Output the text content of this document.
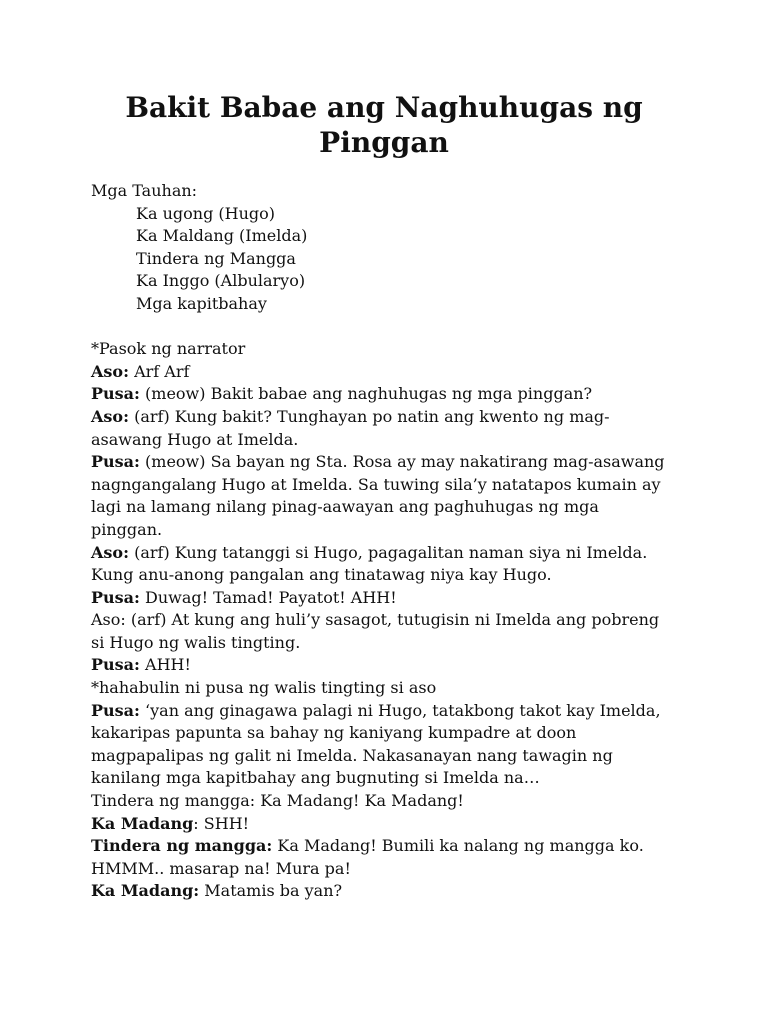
Bakit Babae ang Naghuhugas ng Pinggan
Mga Tauhan:
Ka ugong (Hugo)
Ka Maldang (Imelda)
Tindera ng Mangga
Ka Inggo (Albularyo)
Mga kapitbahay
*Pasok ng narrator
Aso: Arf Arf
Pusa: (meow) Bakit babae ang naghuhugas ng mga pinggan?
Aso: (arf) Kung bakit? Tunghayan po natin ang kwento ng mag-
asawang Hugo at Imelda.
Pusa: (meow) Sa bayan ng Sta. Rosa ay may nakatirang mag-asawang
nagngangalang Hugo at Imelda. Sa tuwing sila’y natatapos kumain ay
lagi na lamang nilang pinag-aawayan ang paghuhugas ng mga
pinggan.
Aso: (arf) Kung tatanggi si Hugo, pagagalitan naman siya ni Imelda.
Kung anu-anong pangalan ang tinatawag niya kay Hugo.
Pusa: Duwag! Tamad! Payatot! AHH!
Aso: (arf) At kung ang huli’y sasagot, tutugisin ni Imelda ang pobreng
si Hugo ng walis tingting.
Pusa: AHH!
*hahabulin ni pusa ng walis tingting si aso
Pusa: ‘yan ang ginagawa palagi ni Hugo, tatakbong takot kay Imelda,
kakaripas papunta sa bahay ng kaniyang kumpadre at doon
magpapalipas ng galit ni Imelda. Nakasanayan nang tawagin ng
kanilang mga kapitbahay ang bugnuting si Imelda na…
Tindera ng mangga: Ka Madang! Ka Madang!
Ka Madang: SHH!
Tindera ng mangga: Ka Madang! Bumili ka nalang ng mangga ko.
HMMM.. masarap na! Mura pa!
Ka Madang: Matamis ba yan?
